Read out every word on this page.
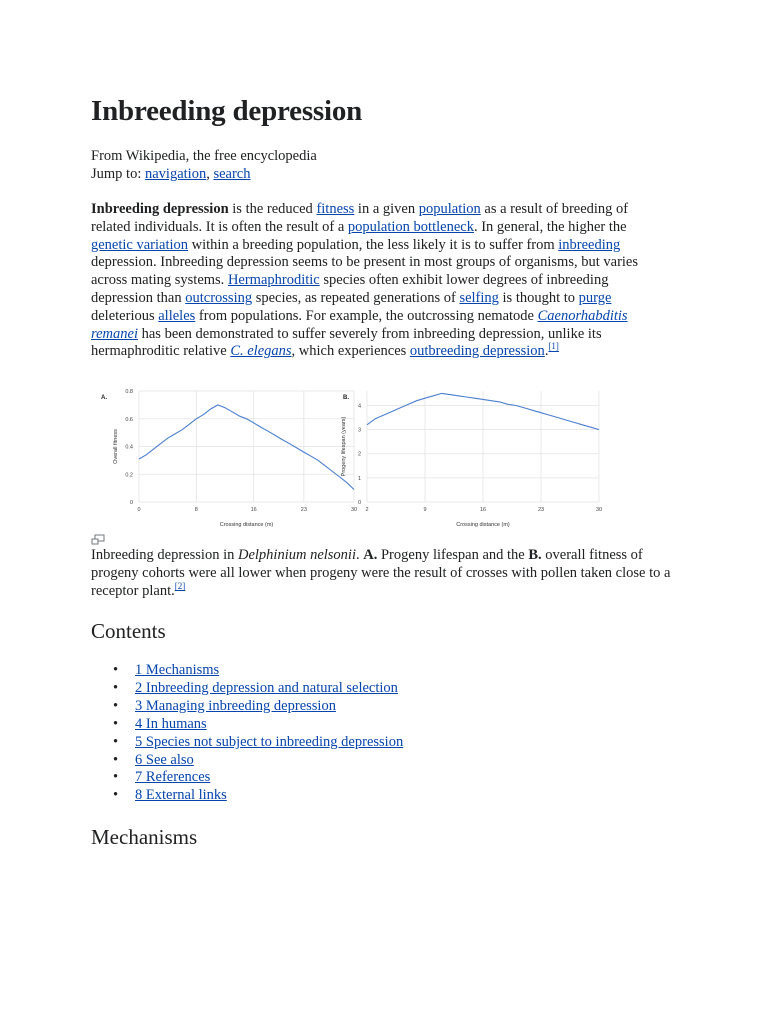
Inbreeding depression
From Wikipedia, the free encyclopedia
Jump to: navigation, search
Inbreeding depression is the reduced fitness in a given population as a result of breeding of related individuals. It is often the result of a population bottleneck. In general, the higher the genetic variation within a breeding population, the less likely it is to suffer from inbreeding depression. Inbreeding depression seems to be present in most groups of organisms, but varies across mating systems. Hermaphroditic species often exhibit lower degrees of inbreeding depression than outcrossing species, as repeated generations of selfing is thought to purge deleterious alleles from populations. For example, the outcrossing nematode Caenorhabditis remanei has been demonstrated to suffer severely from inbreeding depression, unlike its hermaphroditic relative C. elegans, which experiences outbreeding depression.[1]
0
0.2
0.4
0.6
0.8
0	8	16	23	30
Crossing distance (m)
Overall fitness
A.
0
1
2
3
4
2	9	16	23	30
Crossing distance (m)
Progeny lifespan (years)
B.
Inbreeding depression in Delphinium nelsonii. A. Progeny lifespan and the B. overall fitness of progeny cohorts were all lower when progeny were the result of crosses with pollen taken close to a receptor plant.[2]
Contents
• 1 Mechanisms
• 2 Inbreeding depression and natural selection
• 3 Managing inbreeding depression
• 4 In humans
• 5 Species not subject to inbreeding depression
• 6 See also
• 7 References
• 8 External links
Mechanisms
